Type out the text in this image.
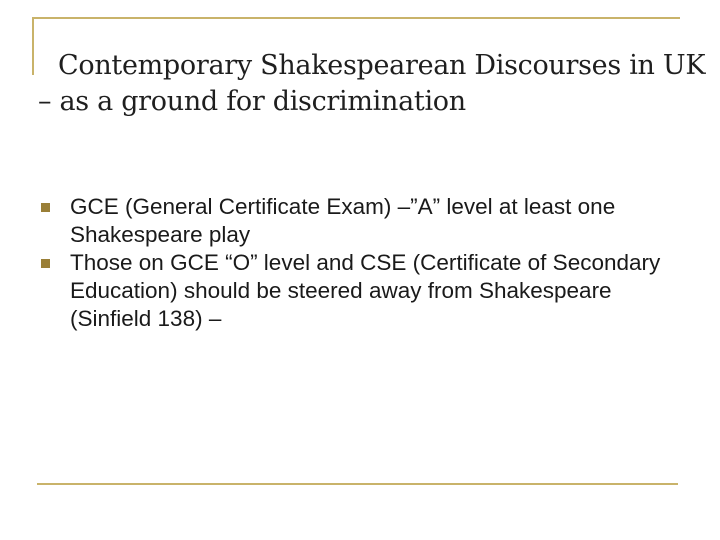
Contemporary Shakespearean Discourses in UK
– as a ground for discrimination
GCE (General Certificate Exam) –”A” level at least one Shakespeare play
Those on GCE “O” level and CSE (Certificate of Secondary Education) should be steered away from Shakespeare (Sinfield 138) –
